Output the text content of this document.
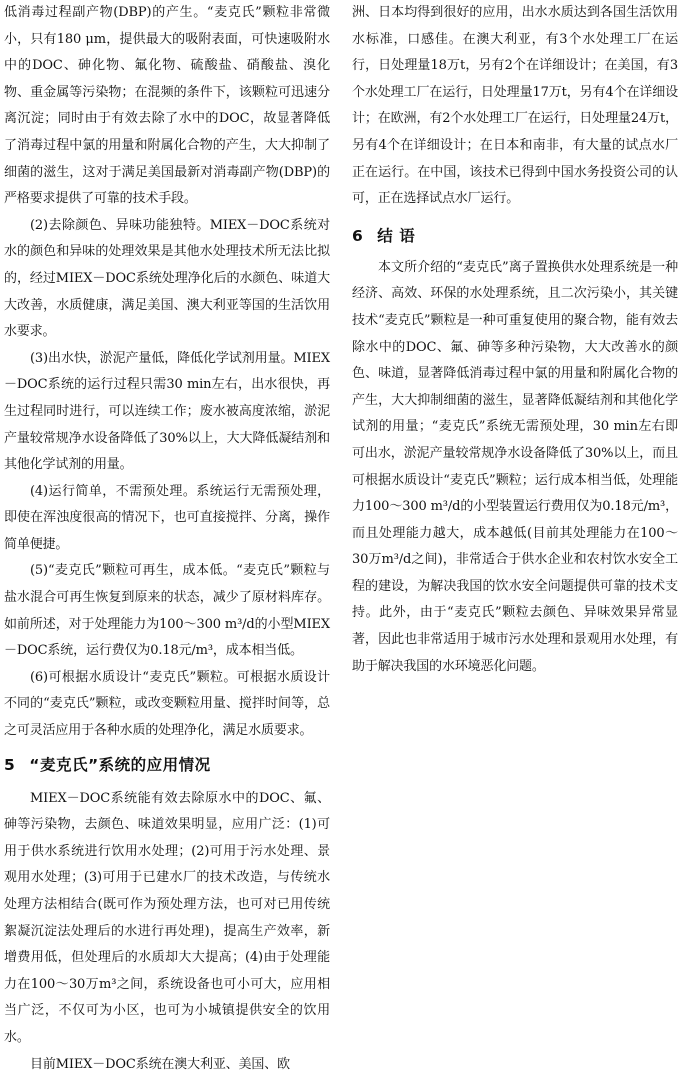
低消毒过程副产物(DBP)的产生。“麦克氏”颗粒非常微小，只有180 μm，提供最大的吸附表面，可快速吸附水中的DOC、砷化物、氟化物、硫酸盐、硝酸盐、溴化物、重金属等污染物；在混频的条件下，该颗粒可迅速分离沉淀；同时由于有效去除了水中的DOC，故显著降低了消毒过程中氯的用量和附属化合物的产生，大大抑制了细菌的滋生，这对于满足美国最新对消毒副产物(DBP)的严格要求提供了可靠的技术手段。

(2)去除颜色、异味功能独特。MIEX－DOC系统对水的颜色和异味的处理效果是其他水处理技术所无法比拟的，经过MIEX－DOC系统处理净化后的水颜色、味道大大改善，水质健康，满足美国、澳大利亚等国的生活饮用水要求。

(3)出水快，淤泥产量低，降低化学试剂用量。MIEX－DOC系统的运行过程只需30 min左右，出水很快，再生过程同时进行，可以连续工作；废水被高度浓缩，淤泥产量较常规净水设备降低了30%以上，大大降低凝结剂和其他化学试剂的用量。

(4)运行简单，不需预处理。系统运行无需预处理，即使在浑浊度很高的情况下，也可直接搅拌、分离，操作简单便捷。

(5)“麦克氏”颗粒可再生，成本低。“麦克氏”颗粒与盐水混合可再生恢复到原来的状态，减少了原材料库存。如前所述，对于处理能力为100～300 m³/d的小型MIEX－DOC系统，运行费仅为0.18元/m³，成本相当低。

(6)可根据水质设计“麦克氏”颗粒。可根据水质设计不同的“麦克氏”颗粒，或改变颗粒用量、搅拌时间等，总之可灵活应用于各种水质的处理净化，满足水质要求。

5 “麦克氏”系统的应用情况

MIEX－DOC系统能有效去除原水中的DOC、氟、砷等污染物，去颜色、味道效果明显，应用广泛：(1)可用于供水系统进行饮用水处理；(2)可用于污水处理、景观用水处理；(3)可用于已建水厂的技术改造，与传统水处理方法相结合(既可作为预处理方法，也可对已用传统絮凝沉淀法处理后的水进行再处理)，提高生产效率，新增费用低，但处理后的水质却大大提高；(4)由于处理能力在100～30万m³之间，系统设备也可小可大，应用相当广泛，不仅可为小区，也可为小城镇提供安全的饮用水。

目前MIEX－DOC系统在澳大利亚、美国、欧

洲、日本均得到很好的应用，出水水质达到各国生活饮用水标准，口感佳。在澳大利亚，有3个水处理工厂在运行，日处理量18万t，另有2个在详细设计；在美国，有3个水处理工厂在运行，日处理量17万t，另有4个在详细设计；在欧洲，有2个水处理工厂在运行，日处理量24万t，另有4个在详细设计；在日本和南非，有大量的试点水厂正在运行。在中国，该技术已得到中国水务投资公司的认可，正在选择试点水厂运行。

6 结 语

本文所介绍的“麦克氏”离子置换供水处理系统是一种经济、高效、环保的水处理系统，且二次污染小，其关键技术“麦克氏”颗粒是一种可重复使用的聚合物，能有效去除水中的DOC、氟、砷等多种污染物，大大改善水的颜色、味道，显著降低消毒过程中氯的用量和附属化合物的产生，大大抑制细菌的滋生，显著降低凝结剂和其他化学试剂的用量；“麦克氏”系统无需预处理，30 min左右即可出水，淤泥产量较常规净水设备降低了30%以上，而且可根据水质设计“麦克氏”颗粒；运行成本相当低，处理能力100～300 m³/d的小型装置运行费用仅为0.18元/m³，而且处理能力越大，成本越低(目前其处理能力在100～30万m³/d之间)，非常适合于供水企业和农村饮水安全工程的建设，为解决我国的饮水安全问题提供可靠的技术支持。此外，由于“麦克氏”颗粒去颜色、异味效果异常显著，因此也非常适用于城市污水处理和景观用水处理，有助于解决我国的水环境恶化问题。
